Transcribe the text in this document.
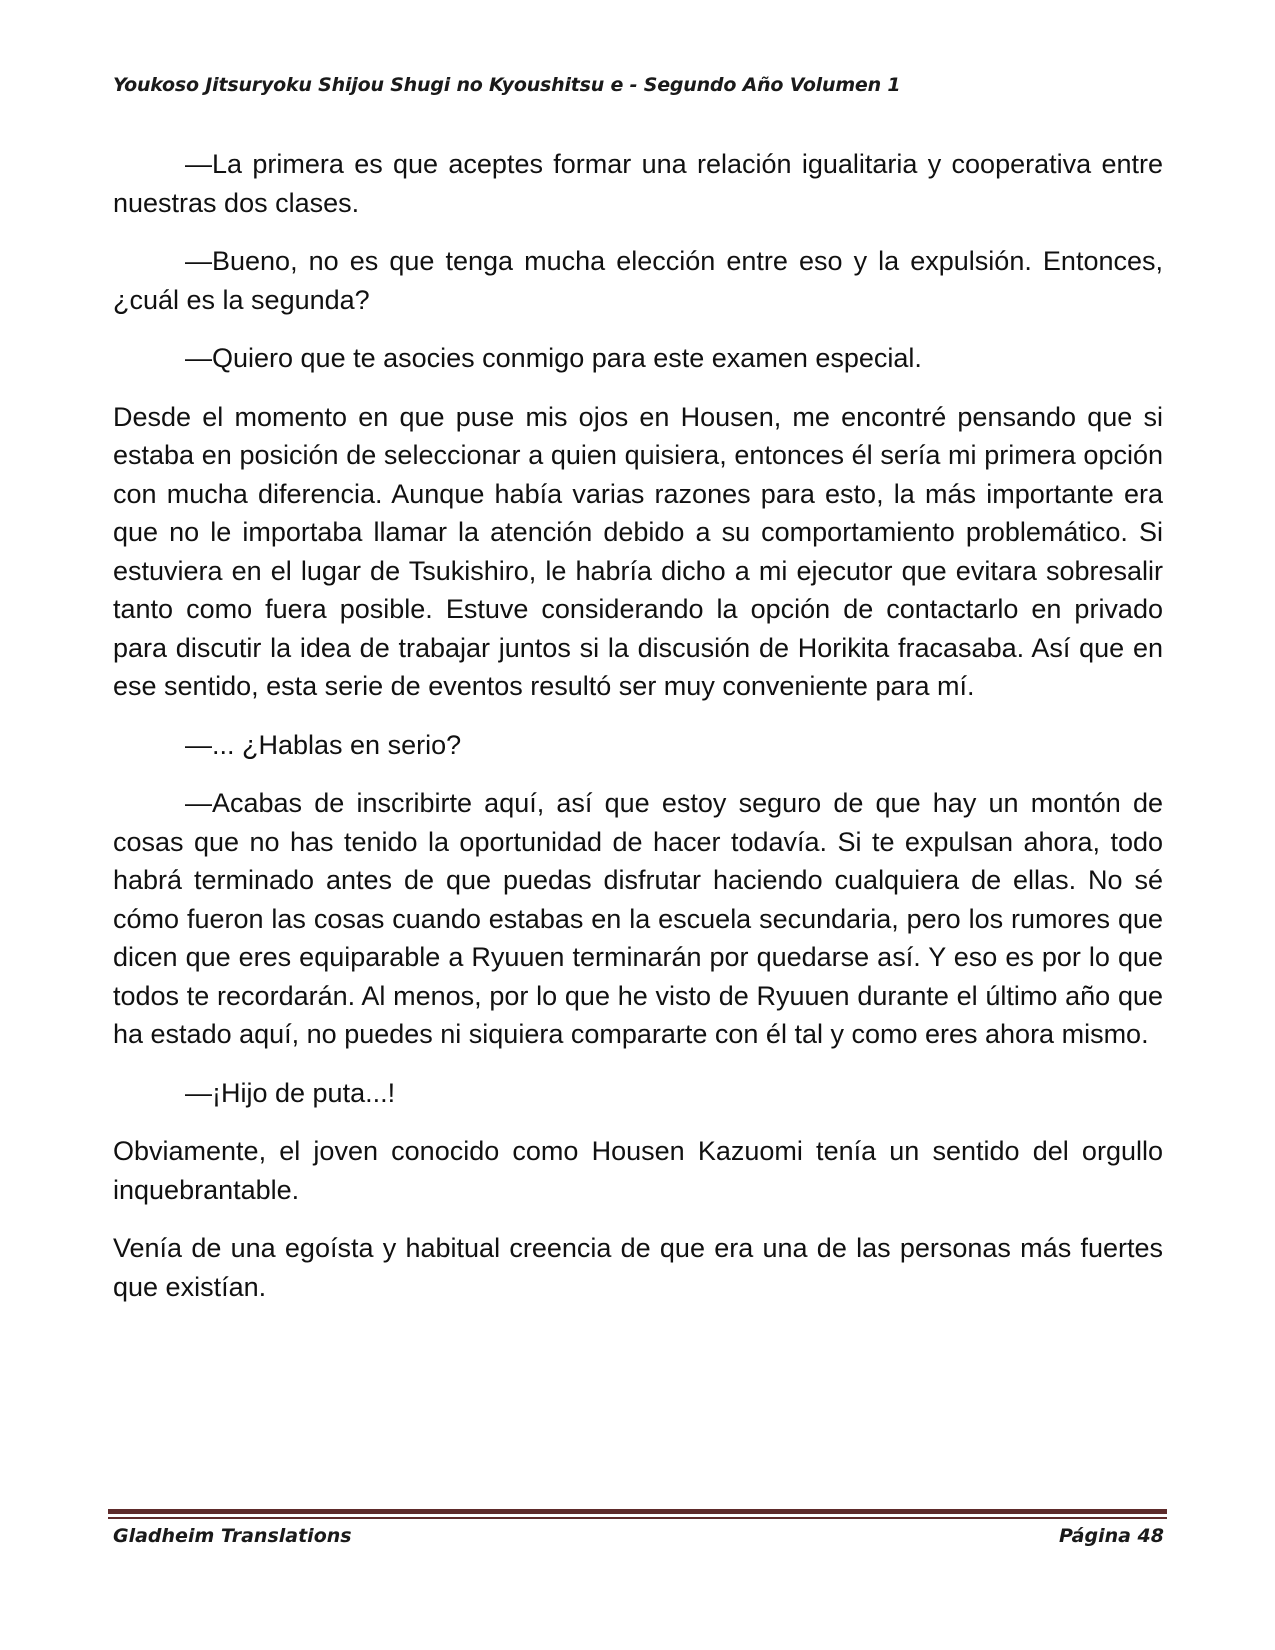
Youkoso Jitsuryoku Shijou Shugi no Kyoushitsu e - Segundo Año Volumen 1

—La primera es que aceptes formar una relación igualitaria y cooperativa entre nuestras dos clases.

—Bueno, no es que tenga mucha elección entre eso y la expulsión. Entonces, ¿cuál es la segunda?

—Quiero que te asocies conmigo para este examen especial.

Desde el momento en que puse mis ojos en Housen, me encontré pensando que si estaba en posición de seleccionar a quien quisiera, entonces él sería mi primera opción con mucha diferencia. Aunque había varias razones para esto, la más importante era que no le importaba llamar la atención debido a su comportamiento problemático. Si estuviera en el lugar de Tsukishiro, le habría dicho a mi ejecutor que evitara sobresalir tanto como fuera posible. Estuve considerando la opción de contactarlo en privado para discutir la idea de trabajar juntos si la discusión de Horikita fracasaba. Así que en ese sentido, esta serie de eventos resultó ser muy conveniente para mí.

—... ¿Hablas en serio?

—Acabas de inscribirte aquí, así que estoy seguro de que hay un montón de cosas que no has tenido la oportunidad de hacer todavía. Si te expulsan ahora, todo habrá terminado antes de que puedas disfrutar haciendo cualquiera de ellas. No sé cómo fueron las cosas cuando estabas en la escuela secundaria, pero los rumores que dicen que eres equiparable a Ryuuen terminarán por quedarse así. Y eso es por lo que todos te recordarán. Al menos, por lo que he visto de Ryuuen durante el último año que ha estado aquí, no puedes ni siquiera compararte con él tal y como eres ahora mismo.

—¡Hijo de puta...!

Obviamente, el joven conocido como Housen Kazuomi tenía un sentido del orgullo inquebrantable.

Venía de una egoísta y habitual creencia de que era una de las personas más fuertes que existían.

Gladheim Translations	Página 48
